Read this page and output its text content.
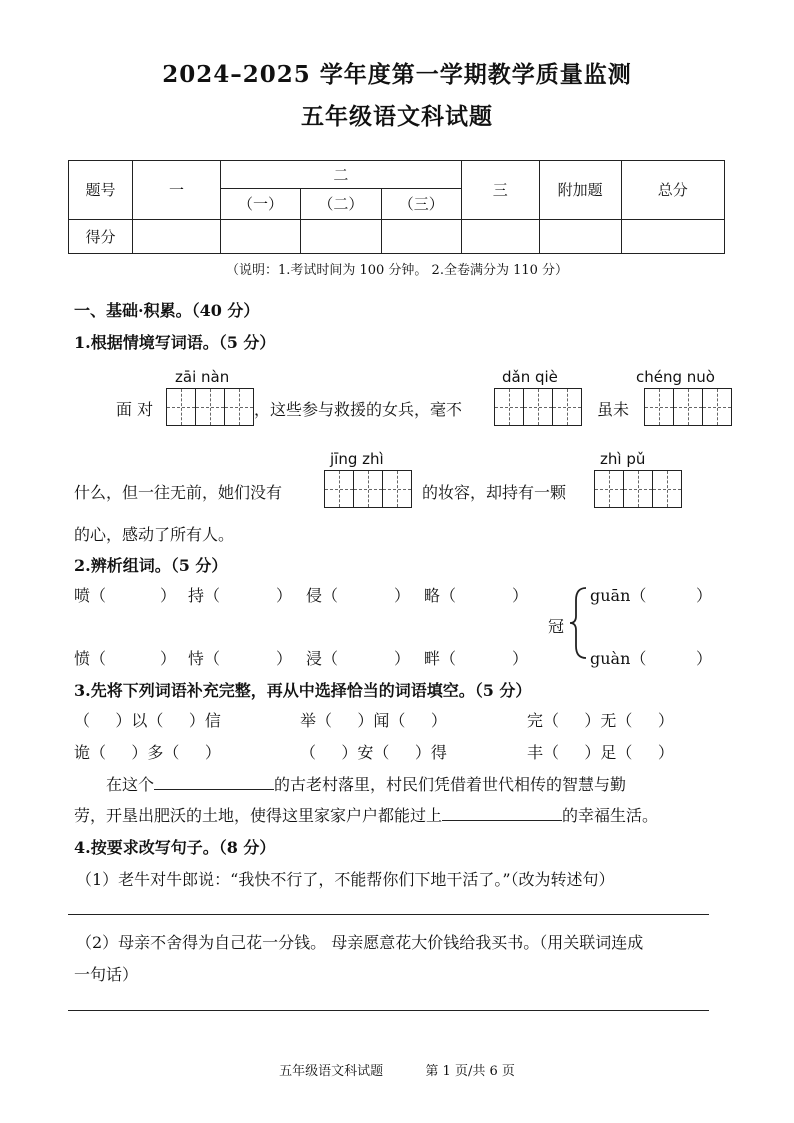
2024–2025 学年度第一学期教学质量监测
五年级语文科试题
题号	一	二			三	附加题	总分
		（一）	（二）	（三）			
得分							
（说明：1.考试时间为 100 分钟。 2.全卷满分为 110 分）
一、基础·积累。（40 分）
1.根据情境写词语。（5 分）
zāi nàn	dǎn qiè	chéng nuò
jīng zhì	zhì pǔ
面 对	，这些参与救援的女兵，毫不	虽未
什么，但一往无前，她们没有	的妆容，却持有一颗
的心，感动了所有人。
2.辨析组词。（5 分）
喷（	） 持（	） 侵（	） 略（	）
愤（	） 恃（	） 浸（	） 畔（	）
冠
guān（	）
guàn（	）
3.先将下列词语补充完整，再从中选择恰当的词语填空。（5 分）
（     ）以（     ）信	举（     ）闻（     ）	完（     ）无（     ）
诡（     ）多（     ）	（     ）安（     ）得	丰（     ）足（     ）
在这个	的古老村落里，村民们凭借着世代相传的智慧与勤
劳，开垦出肥沃的土地，使得这里家家户户都能过上	的幸福生活。
4.按要求改写句子。（8 分）
（1）老牛对牛郎说：“我快不行了，不能帮你们下地干活了。”（改为转述句）
（2）母亲不舍得为自己花一分钱。 母亲愿意花大价钱给我买书。（用关联词连成
一句话）
五年级语文科试题	第 1 页/共 6 页
